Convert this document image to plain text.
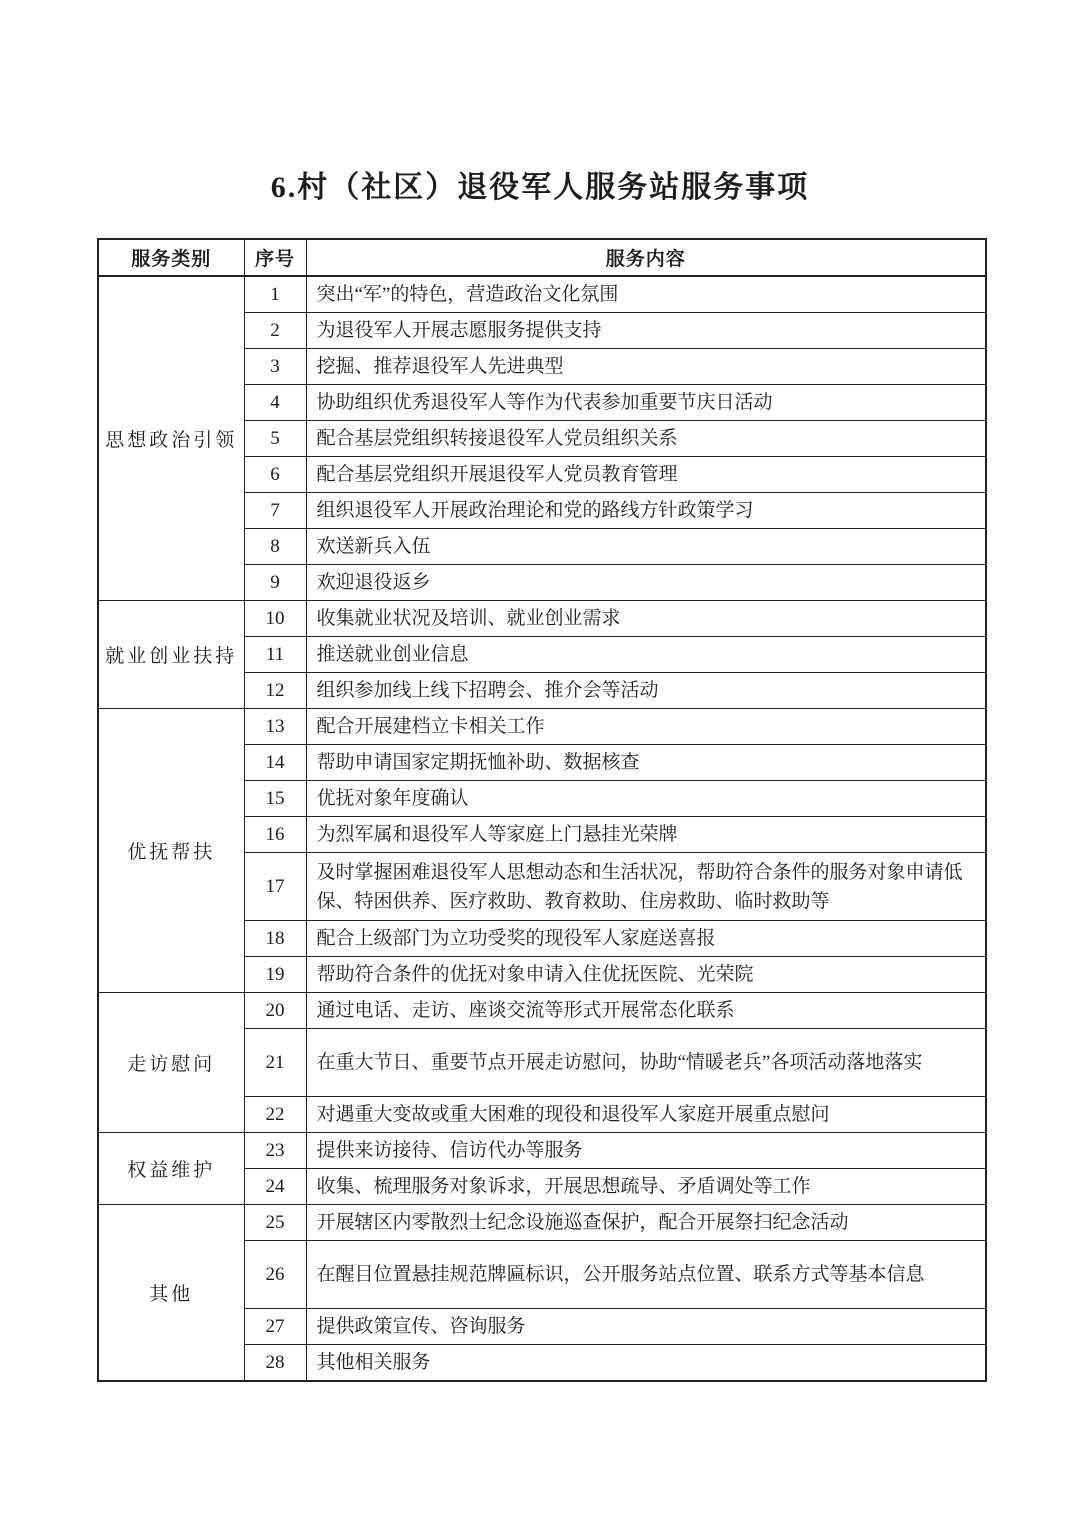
6.村（社区）退役军人服务站服务事项
服务类别	序号	服务内容
思想政治引领	1	突出“军”的特色，营造政治文化氛围
	2	为退役军人开展志愿服务提供支持
	3	挖掘、推荐退役军人先进典型
	4	协助组织优秀退役军人等作为代表参加重要节庆日活动
	5	配合基层党组织转接退役军人党员组织关系
	6	配合基层党组织开展退役军人党员教育管理
	7	组织退役军人开展政治理论和党的路线方针政策学习
	8	欢送新兵入伍
	9	欢迎退役返乡
就业创业扶持	10	收集就业状况及培训、就业创业需求
	11	推送就业创业信息
	12	组织参加线上线下招聘会、推介会等活动
优抚帮扶	13	配合开展建档立卡相关工作
	14	帮助申请国家定期抚恤补助、数据核查
	15	优抚对象年度确认
	16	为烈军属和退役军人等家庭上门悬挂光荣牌
	17	及时掌握困难退役军人思想动态和生活状况，帮助符合条件的服务对象申请低保、特困供养、医疗救助、教育救助、住房救助、临时救助等
	18	配合上级部门为立功受奖的现役军人家庭送喜报
	19	帮助符合条件的优抚对象申请入住优抚医院、光荣院
走访慰问	20	通过电话、走访、座谈交流等形式开展常态化联系
	21	在重大节日、重要节点开展走访慰问，协助“情暖老兵”各项活动落地落实
	22	对遇重大变故或重大困难的现役和退役军人家庭开展重点慰问
权益维护	23	提供来访接待、信访代办等服务
	24	收集、梳理服务对象诉求，开展思想疏导、矛盾调处等工作
其他	25	开展辖区内零散烈士纪念设施巡查保护，配合开展祭扫纪念活动
	26	在醒目位置悬挂规范牌匾标识，公开服务站点位置、联系方式等基本信息
	27	提供政策宣传、咨询服务
	28	其他相关服务
